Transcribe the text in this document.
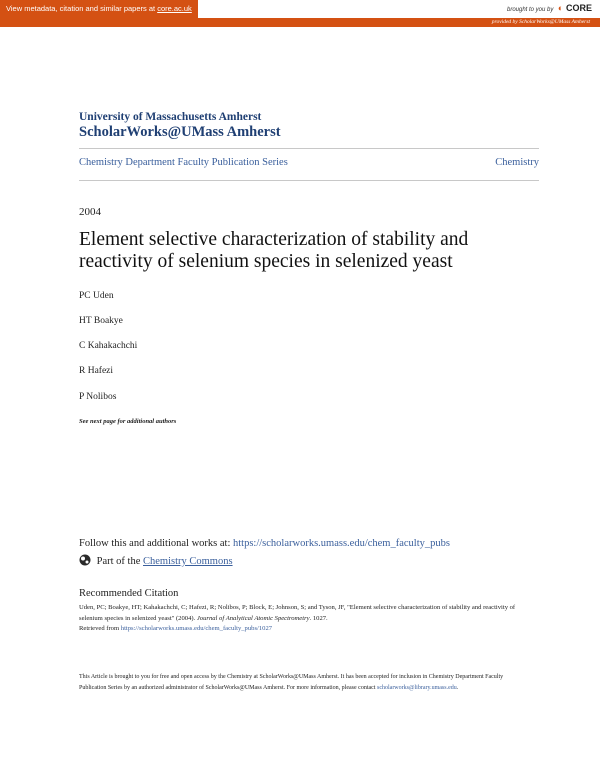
View metadata, citation and similar papers at core.ac.uk	brought to you by ◐ CORE
provided by ScholarWorks@UMass Amherst
University of Massachusetts Amherst
ScholarWorks@UMass Amherst
Chemistry Department Faculty Publication Series	Chemistry
2004
Element selective characterization of stability and reactivity of selenium species in selenized yeast
PC Uden
HT Boakye
C Kahakachchi
R Hafezi
P Nolibos
See next page for additional authors
Follow this and additional works at: https://scholarworks.umass.edu/chem_faculty_pubs
Part of the Chemistry Commons
Recommended Citation
Uden, PC; Boakye, HT; Kahakachchi, C; Hafezi, R; Nolibos, P; Block, E; Johnson, S; and Tyson, JF, "Element selective characterization of stability and reactivity of selenium species in selenized yeast" (2004). Journal of Analytical Atomic Spectrometry. 1027.
Retrieved from https://scholarworks.umass.edu/chem_faculty_pubs/1027
This Article is brought to you for free and open access by the Chemistry at ScholarWorks@UMass Amherst. It has been accepted for inclusion in Chemistry Department Faculty Publication Series by an authorized administrator of ScholarWorks@UMass Amherst. For more information, please contact scholarworks@library.umass.edu.
